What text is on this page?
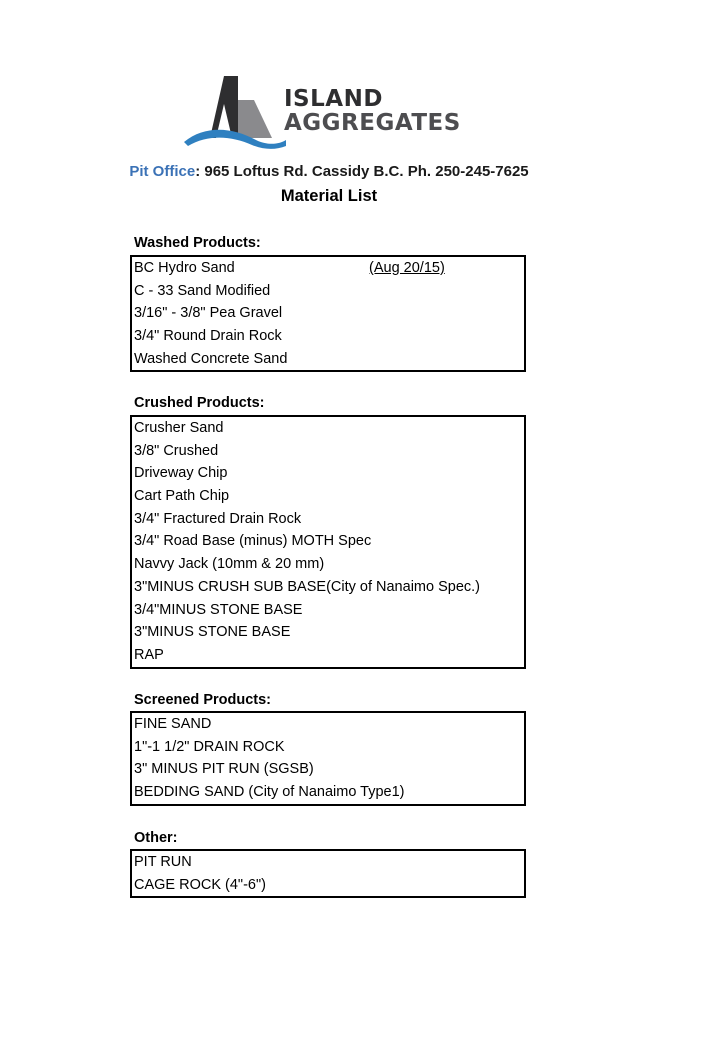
ISLAND
AGGREGATES
Pit Office: 965 Loftus Rd. Cassidy B.C. Ph. 250-245-7625
Material List
Washed Products:
BC Hydro Sand	(Aug 20/15)
C - 33 Sand Modified
3/16" - 3/8" Pea Gravel
3/4" Round Drain Rock
Washed Concrete Sand
Crushed Products:
Crusher Sand
3/8" Crushed
Driveway Chip
Cart Path Chip
3/4" Fractured Drain Rock
3/4" Road Base (minus) MOTH Spec
Navvy Jack (10mm & 20 mm)
3"MINUS CRUSH SUB BASE(City of Nanaimo Spec.)
3/4"MINUS STONE BASE
3"MINUS STONE BASE
RAP
Screened Products:
FINE SAND
1"-1 1/2" DRAIN ROCK
3" MINUS PIT RUN (SGSB)
BEDDING SAND (City of Nanaimo Type1)
Other:
PIT RUN
CAGE ROCK (4"-6")
